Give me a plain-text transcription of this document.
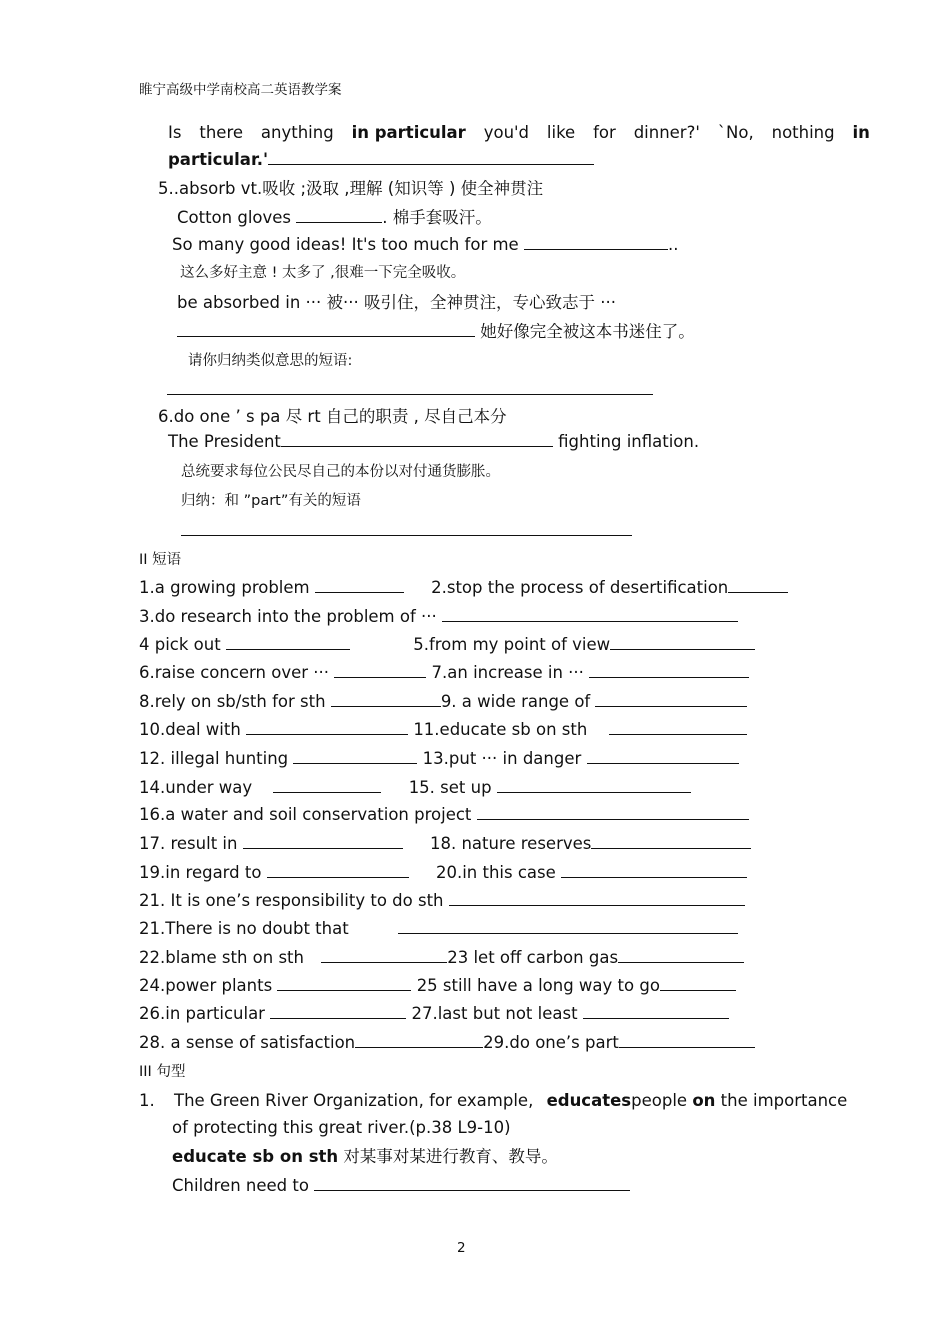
睢宁高级中学南校高二英语教学案
Is there anything in particular you'd like for dinner?' `No, nothing in
particular.'
5..absorb vt.吸收 ;汲取 ,理解 (知识等 ) 使全神贯注
Cotton gloves	. 棉手套吸汗。
So many good ideas! It's too much for me	..
这么多好主意 ! 太多了 ,很难一下完全吸收。
be absorbed in ··· 被··· 吸引住，全神贯注，专心致志于 ···
她好像完全被这本书迷住了。
请你归纳类似意思的短语:
6.do one ’ s pa 尽 rt 自己的职责 , 尽自己本分
The President	fighting inflation.
总统要求每位公民尽自己的本份以对付通货膨胀。
归纳：和 ”part”有关的短语
II 短语
1.a growing problem	2.stop the process of desertification
3.do research into the problem of ···
4 pick out	5.from my point of view
6.raise concern over ···	7.an increase in ···
8.rely on sb/sth for sth	9. a wide range of
10.deal with	11.educate sb on sth
12. illegal hunting	13.put ··· in danger
14.under way	15. set up
16.a water and soil conservation project
17. result in	18. nature reserves
19.in regard to	20.in this case
21. It is one’s responsibility to do sth
21.There is no doubt that
22.blame sth on sth	23 let off carbon gas
24.power plants	25 still have a long way to go
26.in particular	27.last but not least
28. a sense of satisfaction	29.do one’s part
III 句型
1. The Green River Organization, for example, educatespeople on the importance
of protecting this great river.(p.38 L9-10)
educate sb on sth 对某事对某进行教育、教导。
Children need to
2
